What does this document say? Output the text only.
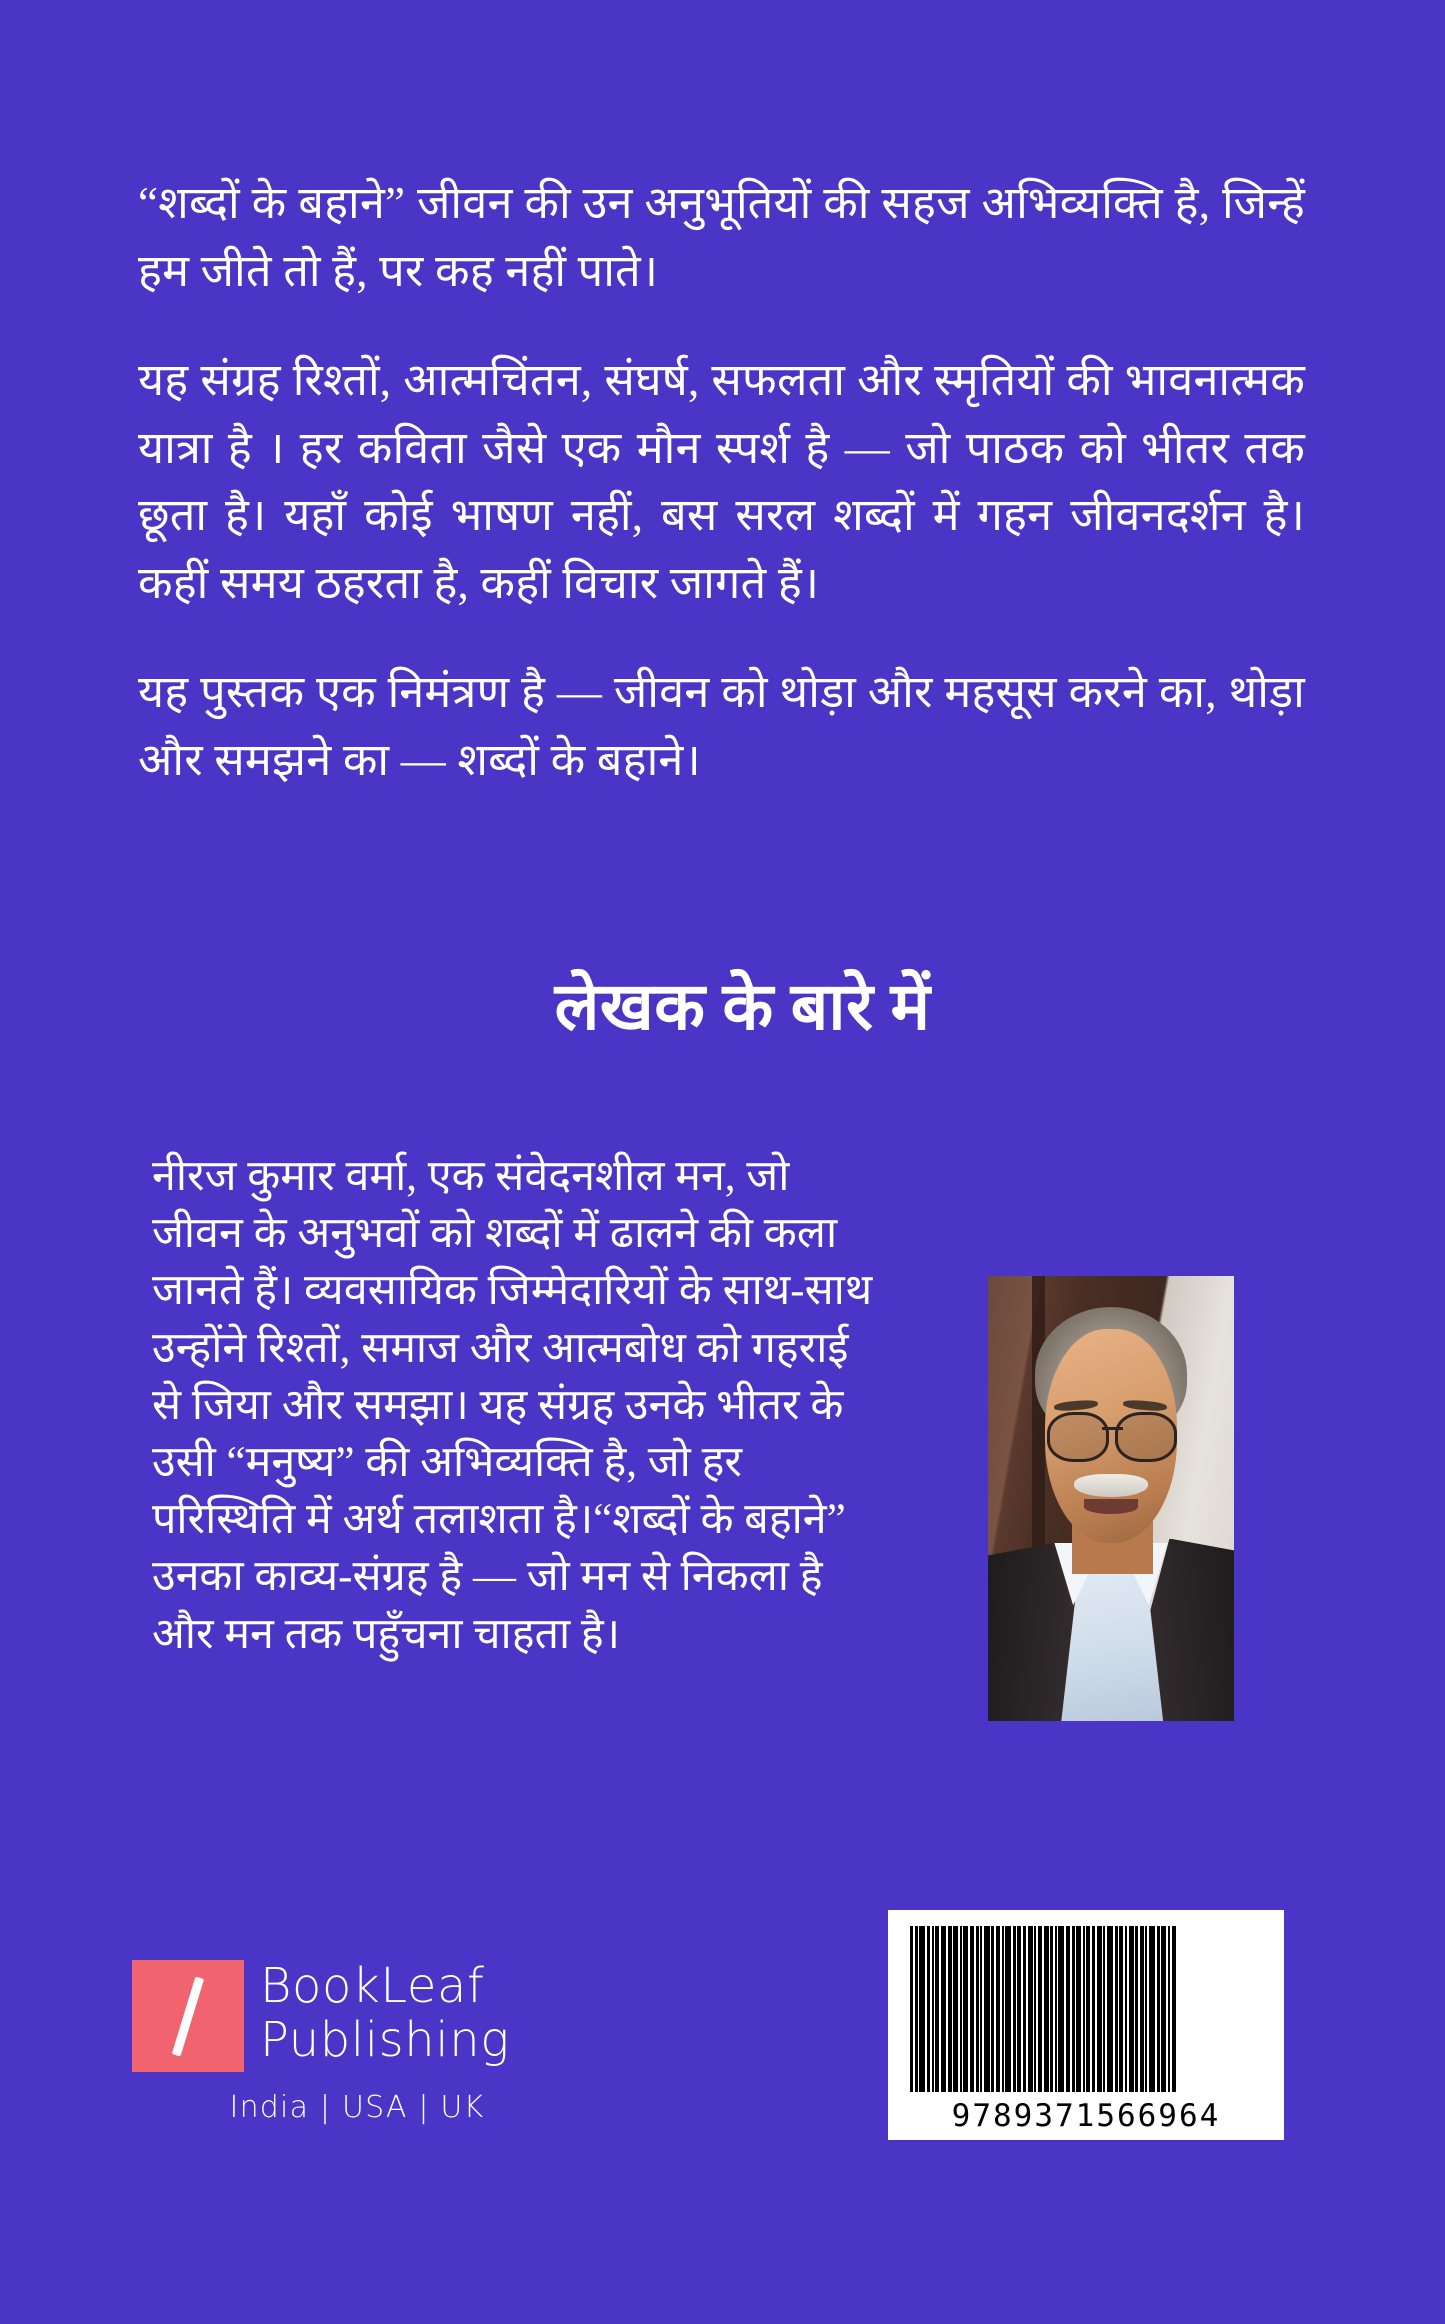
“शब्दों के बहाने” जीवन की उन अनुभूतियों की सहज अभिव्यक्ति है, जिन्हें हम जीते तो हैं, पर कह नहीं पाते।

यह संग्रह रिश्तों, आत्मचिंतन, संघर्ष, सफलता और स्मृतियों की भावनात्मक यात्रा है । हर कविता जैसे एक मौन स्पर्श है — जो पाठक को भीतर तक छूता है। यहाँ कोई भाषण नहीं, बस सरल शब्दों में गहन जीवनदर्शन है। कहीं समय ठहरता है, कहीं विचार जागते हैं।

यह पुस्तक एक निमंत्रण है — जीवन को थोड़ा और महसूस करने का, थोड़ा और समझने का — शब्दों के बहाने।

लेखक के बारे में

नीरज कुमार वर्मा, एक संवेदनशील मन, जो जीवन के अनुभवों को शब्दों में ढालने की कला जानते हैं। व्यवसायिक जिम्मेदारियों के साथ-साथ उन्होंने रिश्तों, समाज और आत्मबोध को गहराई से जिया और समझा। यह संग्रह उनके भीतर के उसी “मनुष्य” की अभिव्यक्ति है, जो हर परिस्थिति में अर्थ तलाशता है।“शब्दों के बहाने” उनका काव्य-संग्रह है — जो मन से निकला है और मन तक पहुँचना चाहता है।

BookLeaf
Publishing
India | USA | UK	9789371566964
